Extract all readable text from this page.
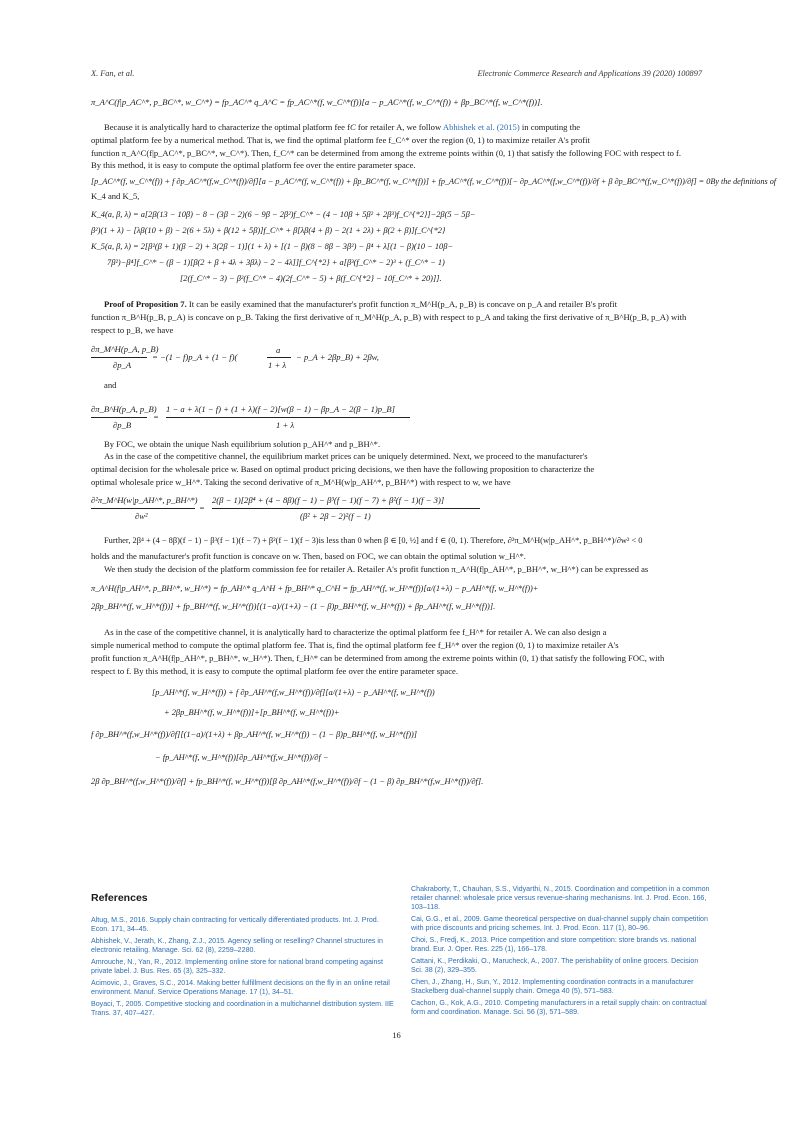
X. Fan, et al.	Electronic Commerce Research and Applications 39 (2020) 100897
π_A^C(f|p_AC^*, p_BC^*, w_C^*) = fp_AC^* q_A^C = fp_AC^*(f, w_C^*(f))[a − p_AC^*(f, w_C^*(f)) + βp_BC^*(f, w_C^*(f))].
Because it is analytically hard to characterize the optimal platform fee fC for retailer A, we follow Abhishek et al. (2015) in computing the
optimal platform fee by a numerical method. That is, we find the optimal platform fee f_C^* over the region (0, 1) to maximize retailer A's profit
function π_A^C(f|p_AC^*, p_BC^*, w_C^*). Then, f_C^* can be determined from among the extreme points within (0, 1) that satisfy the following FOC with respect to f.
By this method, it is easy to compute the optimal platform fee over the entire parameter space.
[p_AC^*(f, w_C^*(f)) + f ∂p_AC^*(f,w_C^*(f))/∂f][a − p_AC^*(f, w_C^*(f)) + βp_BC^*(f, w_C^*(f))] + fp_AC^*(f, w_C^*(f))[− ∂p_AC^*(f,w_C^*(f))/∂f + β ∂p_BC^*(f,w_C^*(f))/∂f] = 0By the definitions of
K_4 and K_5,
K_4(a, β, λ) = a[2β(13 − 10β) − 8 − (3β − 2)(6 − 9β − 2β²)f_C^* − (4 − 10β + 5β² + 2β³)f_C^{*2}]−2β(5 − 5β−
β²)(1 + λ) − [λβ(10 + β) − 2(6 + 5λ) + β(12 + 5β)]f_C^* + β[λβ(4 + β) − 2(1 + 2λ) + β(2 + β)]f_C^{*2}
K_5(a, β, λ) = 2[β²(β + 1)(β − 2) + 3(2β − 1)](1 + λ) + [(1 − β)(8 − 8β − 3β²) − β⁴ + λ[(1 − β)(10 − 10β−
7β²)−β⁴]f_C^* − (β − 1)[β(2 + β + 4λ + 3βλ) − 2 − 4λ]]f_C^{*2} + a[β³(f_C^* − 2)³ + (f_C^* − 1)
[2(f_C^* − 3) − β²(f_C^* − 4)(2f_C^* − 5) + β(f_C^{*2} − 10f_C^* + 20)]].
Proof of Proposition 7. It can be easily examined that the manufacturer's profit function π_M^H(p_A, p_B) is concave on p_A and retailer B's profit
function π_B^H(p_B, p_A) is concave on p_B. Taking the first derivative of π_M^H(p_A, p_B) with respect to p_A and taking the first derivative of π_B^H(p_B, p_A) with
respect to p_B, we have
∂π_M^H(p_A, p_B)
∂p_A
= −(1 − f)p_A + (1 − f)(
a
1 + λ
− p_A + 2βp_B) + 2βw,
and
∂π_B^H(p_A, p_B)
∂p_B
=
1 − a + λ(1 − f) + (1 + λ)(f − 2)[w(β − 1) − βp_A − 2(β − 1)p_B]
1 + λ
By FOC, we obtain the unique Nash equilibrium solution p_AH^* and p_BH^*.
As in the case of the competitive channel, the equilibrium market prices can be uniquely determined. Next, we proceed to the manufacturer's
optimal decision for the wholesale price w. Based on optimal product pricing decisions, we then have the following proposition to characterize the
optimal wholesale price w_H^*. Taking the second derivative of π_M^H(w|p_AH^*, p_BH^*) with respect to w, we have
∂²π_M^H(w|p_AH^*, p_BH^*)
∂w²
=
2(β − 1)[2β⁴ + (4 − 8β)(f − 1) − β³(f − 1)(f − 7) + β²(f − 1)(f − 3)]
(β² + 2β − 2)²(f − 1)
Further, 2β⁴ + (4 − 8β)(f − 1) − β³(f − 1)(f − 7) + β²(f − 1)(f − 3)is less than 0 when β ∈ [0, ½] and f ∈ (0, 1). Therefore, ∂²π_M^H(w|p_AH^*, p_BH^*)/∂w² < 0
holds and the manufacturer's profit function is concave on w. Then, based on FOC, we can obtain the optimal solution w_H^*.
We then study the decision of the platform commission fee for retailer A. Retailer A's profit function π_A^H(f|p_AH^*, p_BH^*, w_H^*) can be expressed as
π_A^H(f|p_AH^*, p_BH^*, w_H^*) = fp_AH^* q_A^H + fp_BH^* q_C^H = fp_AH^*(f, w_H^*(f))[a/(1+λ) − p_AH^*(f, w_H^*(f))+
2βp_BH^*(f, w_H^*(f))] + fp_BH^*(f, w_H^*(f))[(1−a)/(1+λ) − (1 − β)p_BH^*(f, w_H^*(f)) + βp_AH^*(f, w_H^*(f))].
As in the case of the competitive channel, it is analytically hard to characterize the optimal platform fee f_H^* for retailer A. We can also design a
simple numerical method to compute the optimal platform fee. That is, find the optimal platform fee f_H^* over the region (0, 1) to maximize retailer A's
profit function π_A^H(f|p_AH^*, p_BH^*, w_H^*). Then, f_H^* can be determined from among the extreme points within (0, 1) that satisfy the following FOC, with
respect to f. By this method, it is easy to compute the optimal platform fee over the entire parameter space.
[p_AH^*(f, w_H^*(f)) + f ∂p_AH^*(f,w_H^*(f))/∂f][a/(1+λ) − p_AH^*(f, w_H^*(f))
+ 2βp_BH^*(f, w_H^*(f))]+[p_BH^*(f, w_H^*(f))+
f ∂p_BH^*(f,w_H^*(f))/∂f][(1−a)/(1+λ) + βp_AH^*(f, w_H^*(f)) − (1 − β)p_BH^*(f, w_H^*(f))]
− fp_AH^*(f, w_H^*(f))[∂p_AH^*(f,w_H^*(f))/∂f −
2β ∂p_BH^*(f,w_H^*(f))/∂f] + fp_BH^*(f, w_H^*(f))[β ∂p_AH^*(f,w_H^*(f))/∂f − (1 − β) ∂p_BH^*(f,w_H^*(f))/∂f].
References
Altug, M.S., 2016. Supply chain contracting for vertically differentiated products. Int. J. Prod. Econ. 171, 34–45.
Abhishek, V., Jerath, K., Zhang, Z.J., 2015. Agency selling or reselling? Channel structures in electronic retailing. Manage. Sci. 62 (8), 2259–2280.
Amrouche, N., Yan, R., 2012. Implementing online store for national brand competing against private label. J. Bus. Res. 65 (3), 325–332.
Acimovic, J., Graves, S.C., 2014. Making better fulfillment decisions on the fly in an online retail environment. Manuf. Service Operations Manage. 17 (1), 34–51.
Boyaci, T., 2005. Competitive stocking and coordination in a multichannel distribution system. IIE Trans. 37, 407–427.
Chakraborty, T., Chauhan, S.S., Vidyarthi, N., 2015. Coordination and competition in a common retailer channel: wholesale price versus revenue-sharing mechanisms. Int. J. Prod. Econ. 166, 103–118.
Cai, G.G., et al., 2009. Game theoretical perspective on dual-channel supply chain competition with price discounts and pricing schemes. Int. J. Prod. Econ. 117 (1), 80–96.
Choi, S., Fredj, K., 2013. Price competition and store competition: store brands vs. national brand. Eur. J. Oper. Res. 225 (1), 166–178.
Cattani, K., Perdikaki, O., Marucheck, A., 2007. The perishability of online grocers. Decision Sci. 38 (2), 329–355.
Chen, J., Zhang, H., Sun, Y., 2012. Implementing coordination contracts in a manufacturer Stackelberg dual-channel supply chain. Omega 40 (5), 571–583.
Cachon, G., Kok, A.G., 2010. Competing manufacturers in a retail supply chain: on contractual form and coordination. Manage. Sci. 56 (3), 571–589.
16
